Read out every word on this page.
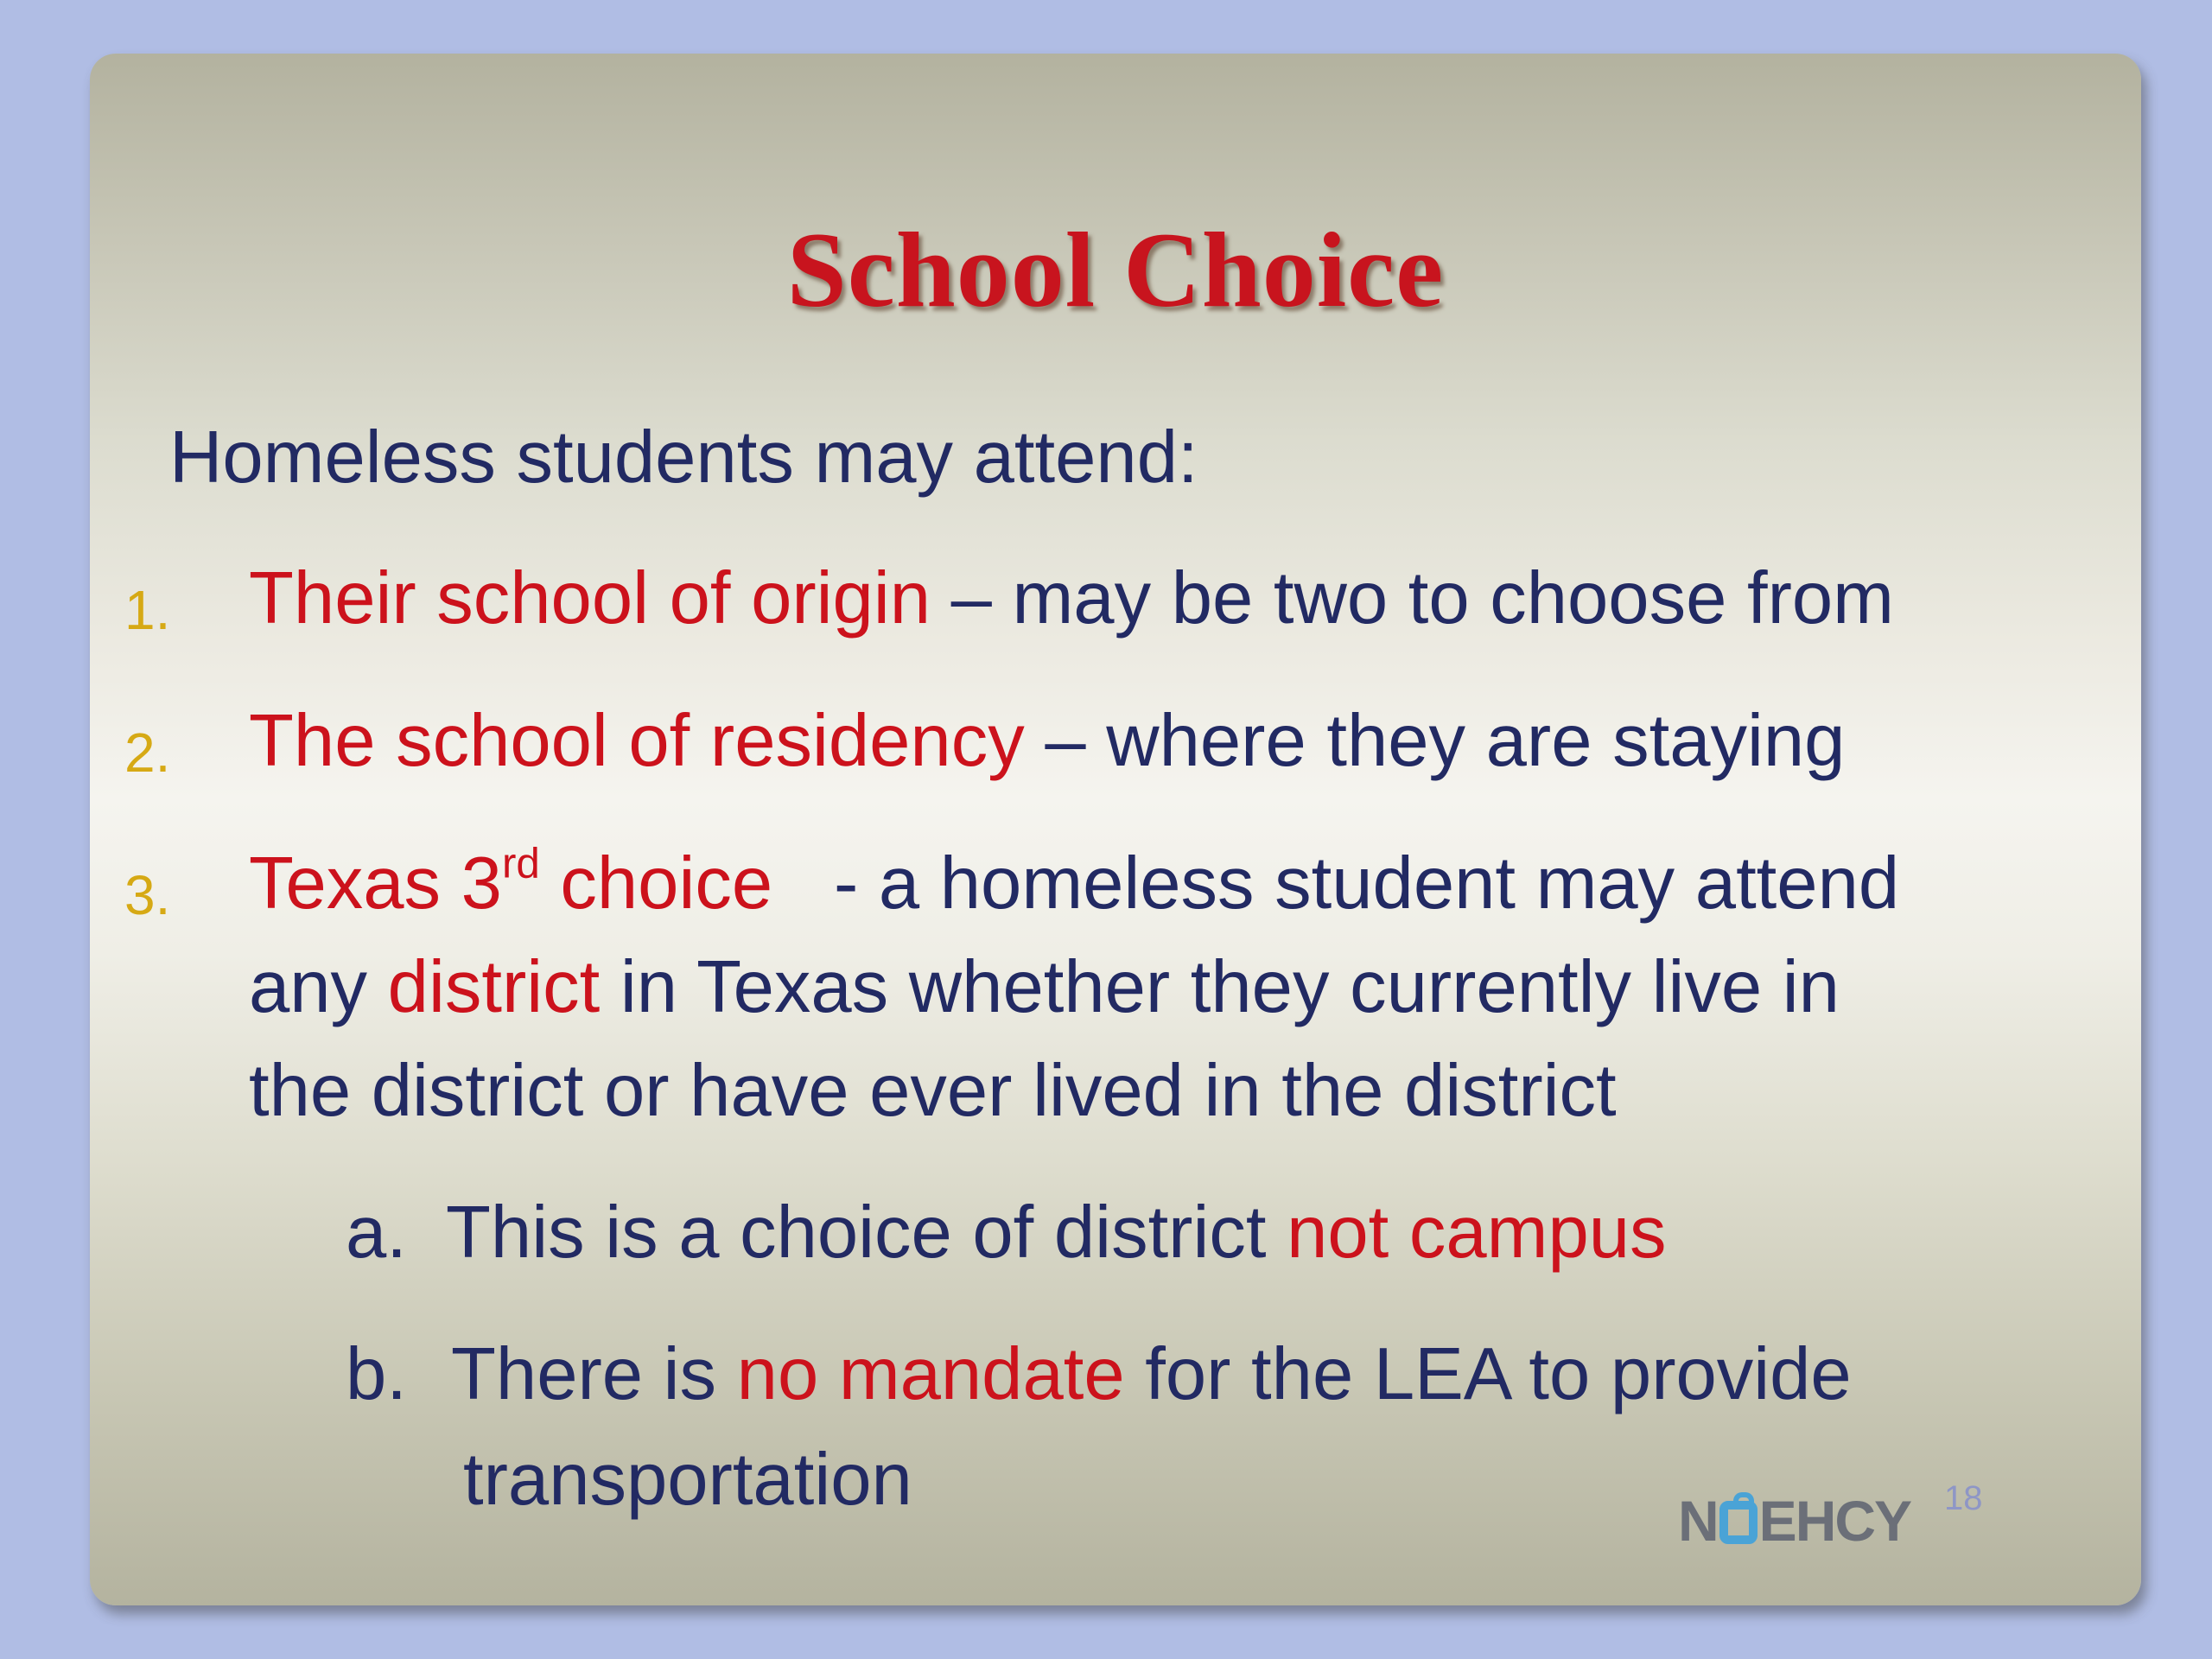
School Choice
Homeless students may attend:
1. Their school of origin – may be two to choose from
2. The school of residency – where they are staying
3. Texas 3rd choice   - a homeless student may attend
any district in Texas whether they currently live in
the district or have ever lived in the district
a. This is a choice of district not campus
b. There is no mandate for the LEA to provide
transportation	N EHCY 18
